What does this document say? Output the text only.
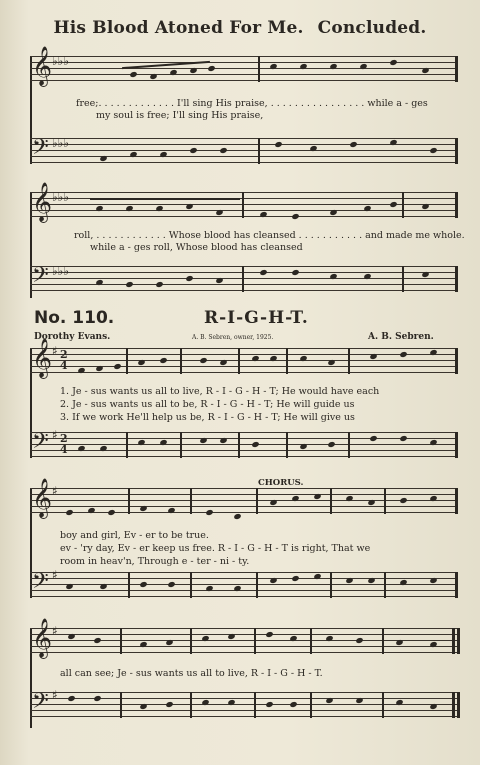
His Blood Atoned For Me. Concluded.
𝄞 ♭♭♭
free;. . . . . . . . . . . . . I'll sing His praise, . . . . . . . . . . . . . . . . while a - ges
my soul is free; I'll sing His praise,
𝄢 ♭♭♭
𝄞 ♭♭♭
roll, . . . . . . . . . . . . Whose blood has cleansed . . . . . . . . . . . and made me whole.
while a - ges roll, Whose blood has cleansed
𝄢 ♭♭♭
No. 110.	R-I-G-H-T.
Dorothy Evans.	A. B. Sebren, owner, 1925.	A. B. Sebren.
𝄞 ♯ 2
4
1. Je - sus wants us all to live, R - I - G - H - T; He would have each
2. Je - sus wants us all to be, R - I - G - H - T; He will guide us
3. If we work He'll help us be, R - I - G - H - T; He will give us
𝄢 ♯ 2
4
CHORUS.
𝄞 ♯
boy and girl, Ev - er to be true.
ev - 'ry day, Ev - er keep us free. R - I - G - H - T is right, That we
room in heav'n, Through e - ter - ni - ty.
𝄢 ♯
𝄞 ♯
all can see; Je - sus wants us all to live, R - I - G - H - T.
𝄢 ♯
